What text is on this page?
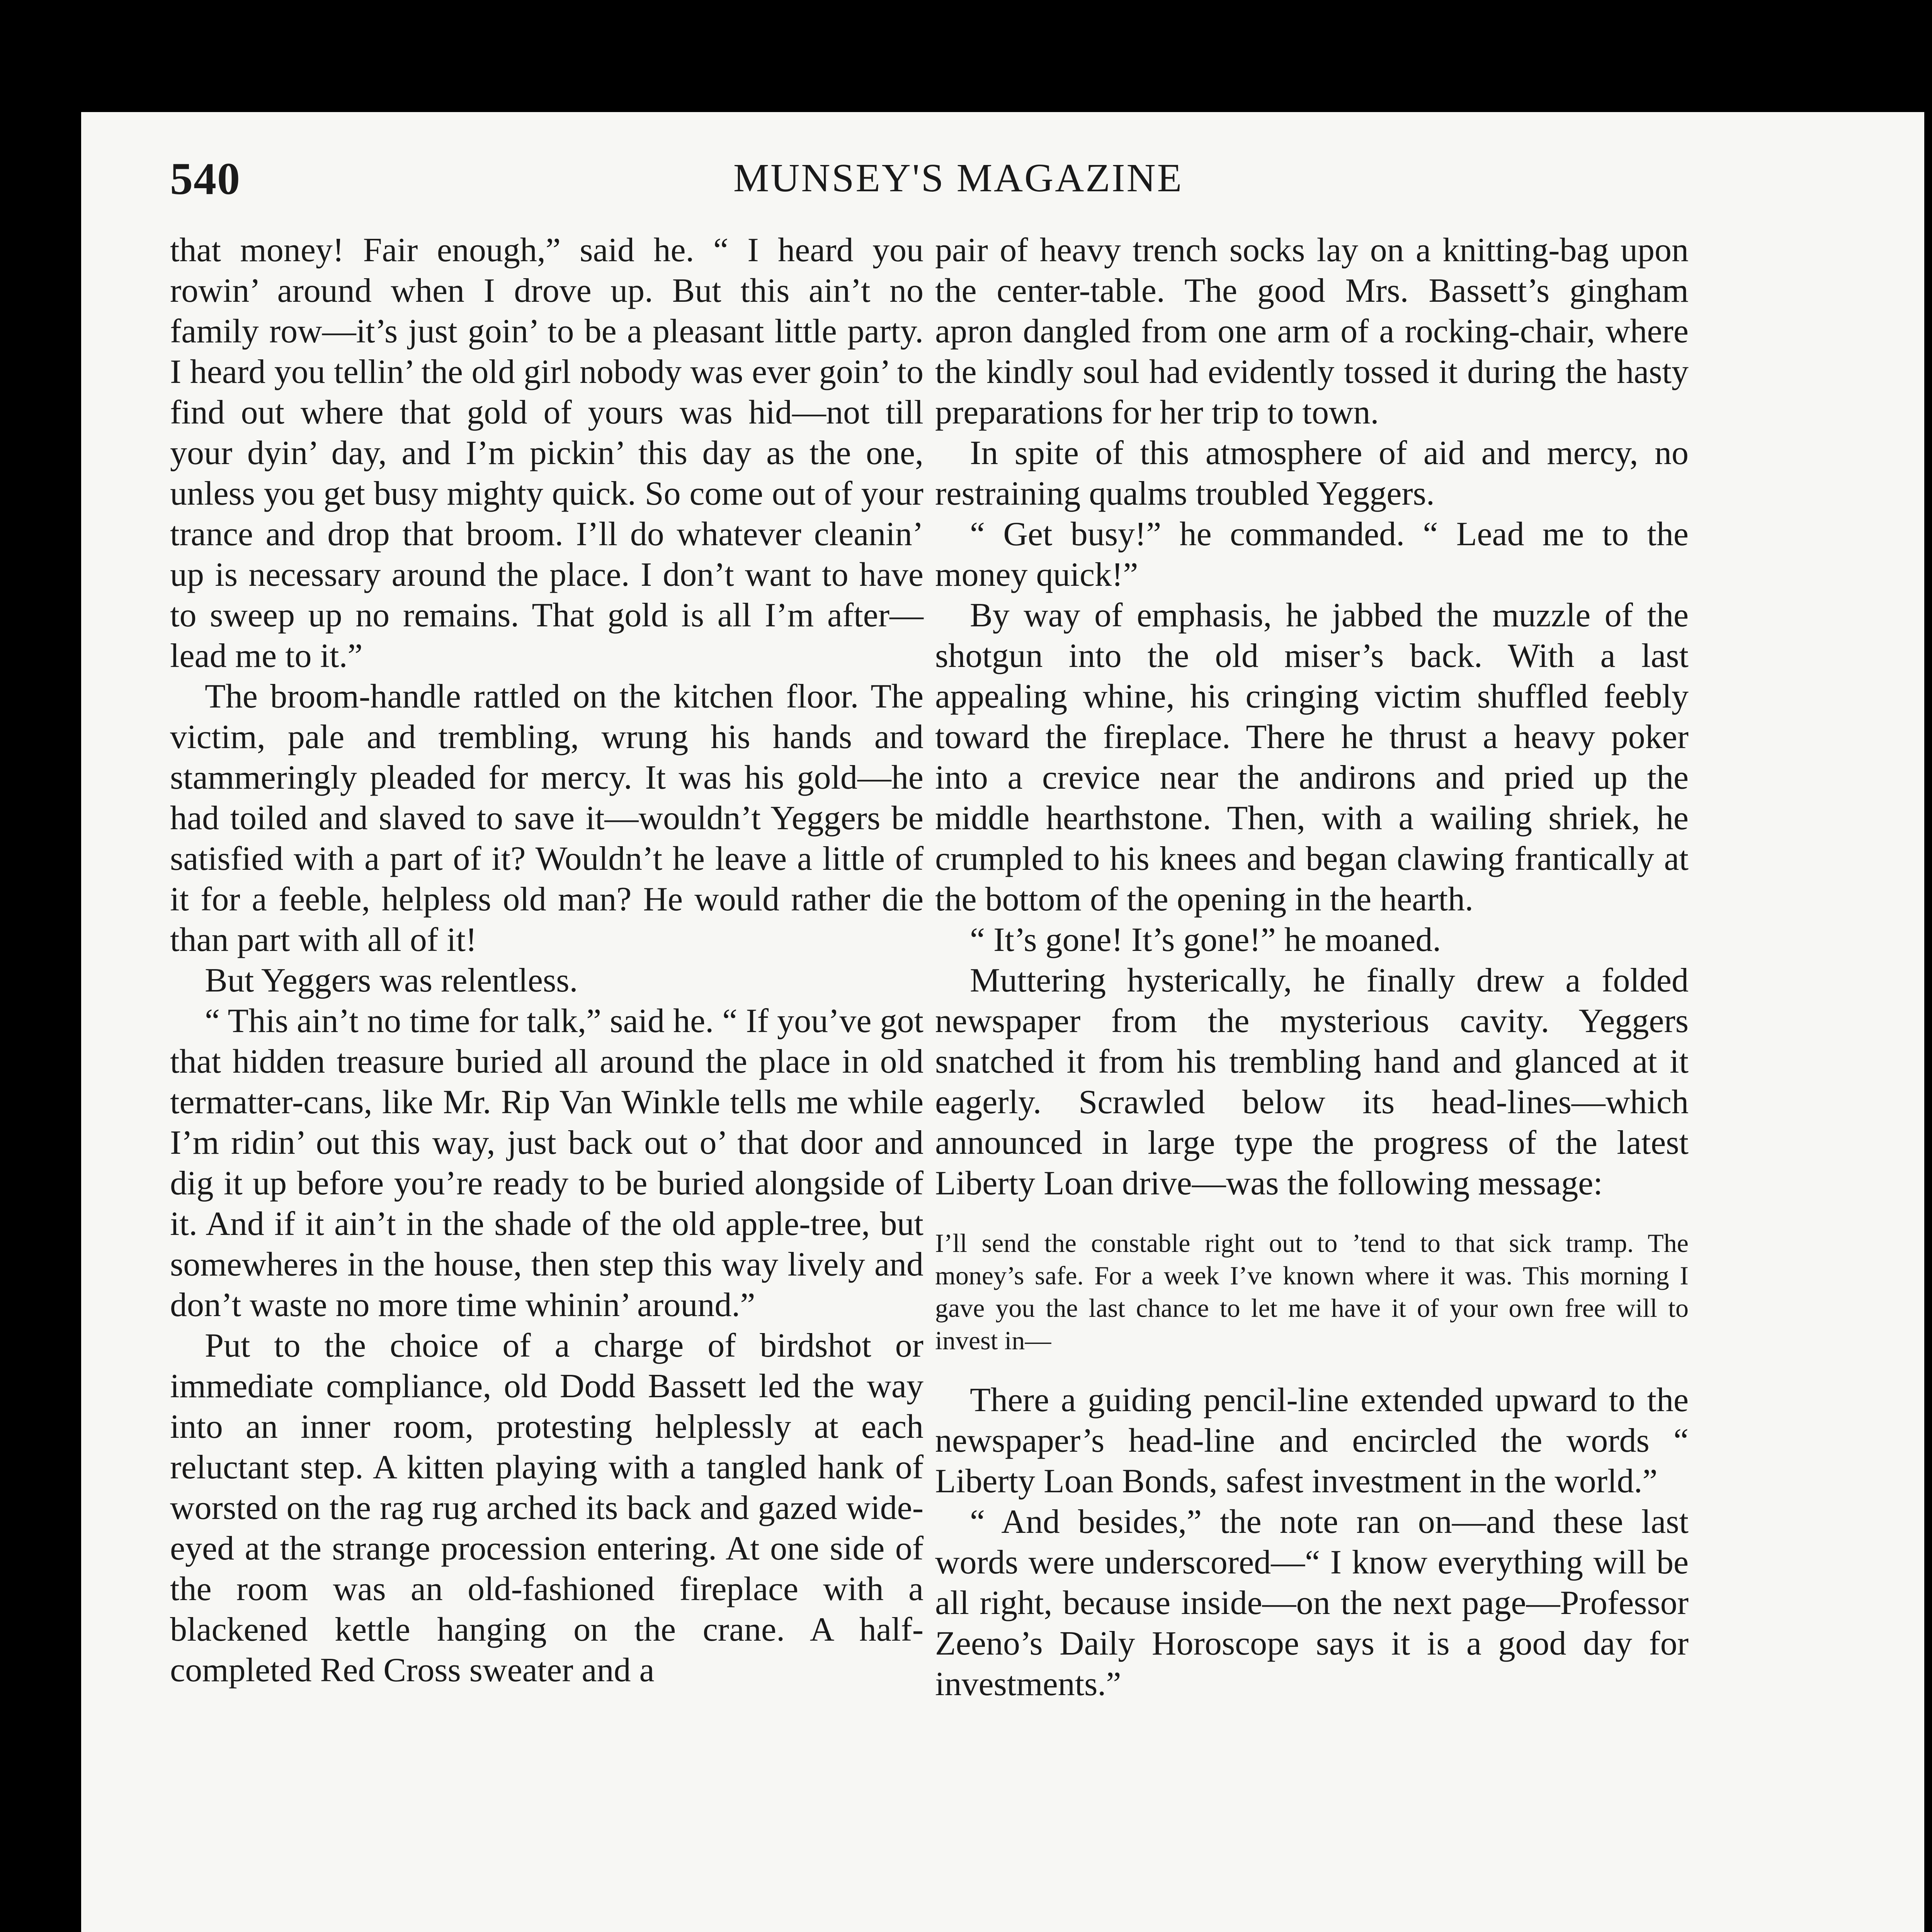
540	MUNSEY'S MAGAZINE

that money! Fair enough,” said he. “ I heard you rowin’ around when I drove up. But this ain’t no family row—it’s just goin’ to be a pleasant little party. I heard you tellin’ the old girl nobody was ever goin’ to find out where that gold of yours was hid—not till your dyin’ day, and I’m pickin’ this day as the one, unless you get busy mighty quick. So come out of your trance and drop that broom. I’ll do whatever cleanin’ up is necessary around the place. I don’t want to have to sweep up no remains. That gold is all I’m after—lead me to it.”

The broom-handle rattled on the kitchen floor. The victim, pale and trembling, wrung his hands and stammeringly pleaded for mercy. It was his gold—he had toiled and slaved to save it—wouldn’t Yeggers be satisfied with a part of it? Wouldn’t he leave a little of it for a feeble, helpless old man? He would rather die than part with all of it!

But Yeggers was relentless.

“ This ain’t no time for talk,” said he. “ If you’ve got that hidden treasure buried all around the place in old termatter-cans, like Mr. Rip Van Winkle tells me while I’m ridin’ out this way, just back out o’ that door and dig it up before you’re ready to be buried alongside of it. And if it ain’t in the shade of the old apple-tree, but somewheres in the house, then step this way lively and don’t waste no more time whinin’ around.”

Put to the choice of a charge of birdshot or immediate compliance, old Dodd Bassett led the way into an inner room, protesting helplessly at each reluctant step. A kitten playing with a tangled hank of worsted on the rag rug arched its back and gazed wide-eyed at the strange procession entering. At one side of the room was an old-fashioned fireplace with a blackened kettle hanging on the crane. A half-completed Red Cross sweater and a

pair of heavy trench socks lay on a knitting-bag upon the center-table. The good Mrs. Bassett’s gingham apron dangled from one arm of a rocking-chair, where the kindly soul had evidently tossed it during the hasty preparations for her trip to town.

In spite of this atmosphere of aid and mercy, no restraining qualms troubled Yeggers.

“ Get busy!” he commanded. “ Lead me to the money quick!”

By way of emphasis, he jabbed the muzzle of the shotgun into the old miser’s back. With a last appealing whine, his cringing victim shuffled feebly toward the fireplace. There he thrust a heavy poker into a crevice near the andirons and pried up the middle hearthstone. Then, with a wailing shriek, he crumpled to his knees and began clawing frantically at the bottom of the opening in the hearth.

“ It’s gone! It’s gone!” he moaned.

Muttering hysterically, he finally drew a folded newspaper from the mysterious cavity. Yeggers snatched it from his trembling hand and glanced at it eagerly. Scrawled below its head-lines—which announced in large type the progress of the latest Liberty Loan drive—was the following message:

I’ll send the constable right out to ’tend to that sick tramp. The money’s safe. For a week I’ve known where it was. This morning I gave you the last chance to let me have it of your own free will to invest in—

There a guiding pencil-line extended upward to the newspaper’s head-line and encircled the words “ Liberty Loan Bonds, safest investment in the world.”

“ And besides,” the note ran on—and these last words were underscored—“ I know everything will be all right, because inside—on the next page—Professor Zeeno’s Daily Horoscope says it is a good day for investments.”
